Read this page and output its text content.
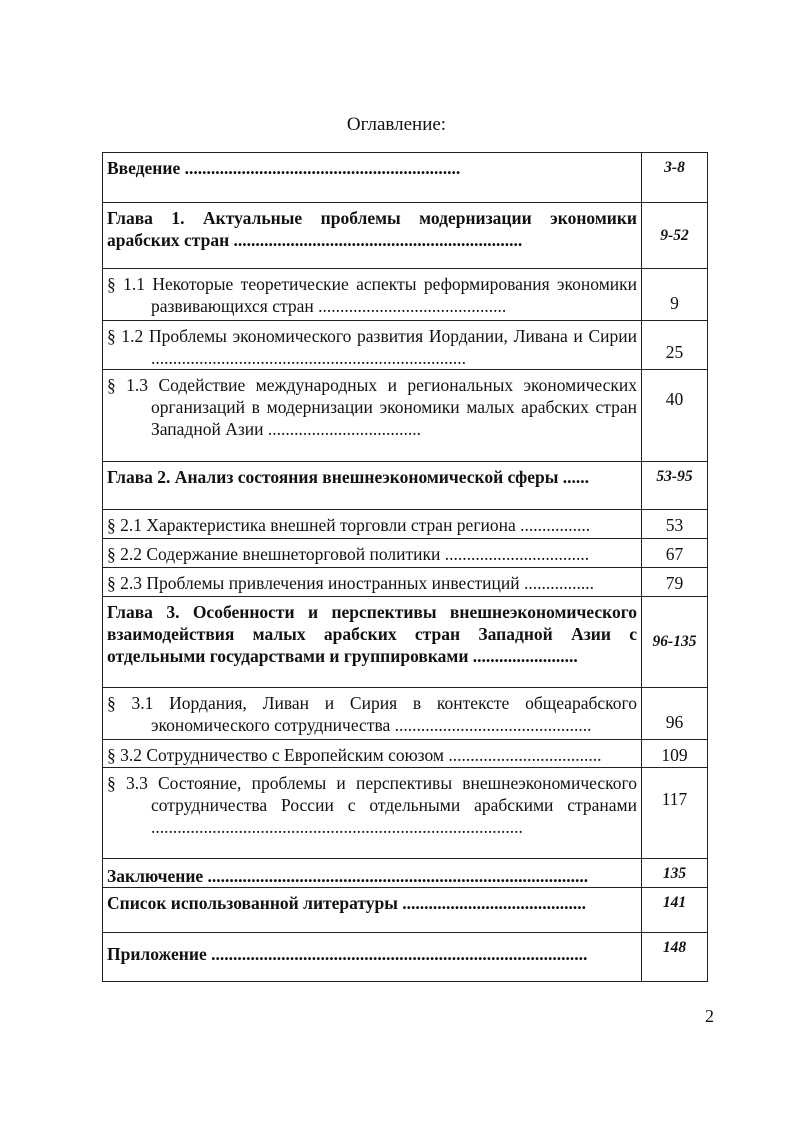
Оглавление:
Введение ...............................................................	3-8

Глава 1. Актуальные проблемы модернизации экономики арабских стран ..................................................................	9-52

§ 1.1 Некоторые теоретические аспекты реформирования экономики развивающихся стран ...........................................	9

§ 1.2 Проблемы экономического развития Иордании, Ливана и Сирии ........................................................................	25

§ 1.3 Содействие международных и региональных экономических организаций в модернизации экономики малых арабских стран Западной Азии ...................................	40

Глава 2. Анализ состояния внешнеэкономической сферы ......	53-95

§ 2.1 Характеристика внешней торговли стран региона ................	53

§ 2.2 Содержание внешнеторговой политики .................................	67

§ 2.3 Проблемы привлечения иностранных инвестиций ................	79

Глава 3. Особенности и перспективы внешнеэкономического взаимодействия малых арабских стран Западной Азии с отдельными государствами и группировками ........................	96-135

§ 3.1 Иордания, Ливан и Сирия в контексте общеарабского экономического сотрудничества .............................................	96

§ 3.2 Сотрудничество с Европейским союзом ...................................	109

§ 3.3 Состояние, проблемы и перспективы внешнеэкономического сотрудничества России с отдельными арабскими странами .....................................................................................	117

Заключение .......................................................................................	135

Список использованной литературы ..........................................	141

Приложение ......................................................................................	148
2
